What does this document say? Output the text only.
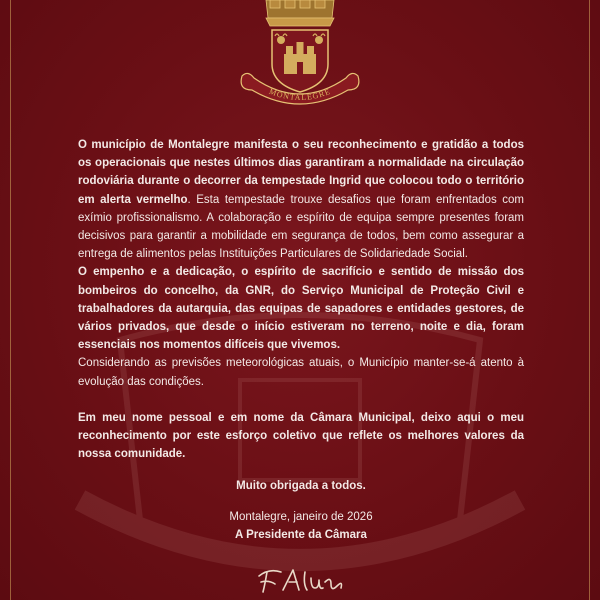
MONTALEGRE

O município de Montalegre manifesta o seu reconhecimento e gratidão a todos os operacionais que nestes últimos dias garantiram a normalidade na circulação rodoviária durante o decorrer da tempestade Ingrid que colocou todo o território em alerta vermelho. Esta tempestade trouxe desafios que foram enfrentados com exímio profissionalismo. A colaboração e espírito de equipa sempre presentes foram decisivos para garantir a mobilidade em segurança de todos, bem como assegurar a entrega de alimentos pelas Instituições Particulares de Solidariedade Social.

O empenho e a dedicação, o espírito de sacrifício e sentido de missão dos bombeiros do concelho, da GNR, do Serviço Municipal de Proteção Civil e trabalhadores da autarquia, das equipas de sapadores e entidades gestores, de vários privados, que desde o início estiveram no terreno, noite e dia, foram essenciais nos momentos difíceis que vivemos.

Considerando as previsões meteorológicas atuais, o Município manter-se-á atento à evolução das condições.

Em meu nome pessoal e em nome da Câmara Municipal, deixo aqui o meu reconhecimento por este esforço coletivo que reflete os melhores valores da nossa comunidade.

Muito obrigada a todos.

Montalegre, janeiro de 2026

A Presidente da Câmara
